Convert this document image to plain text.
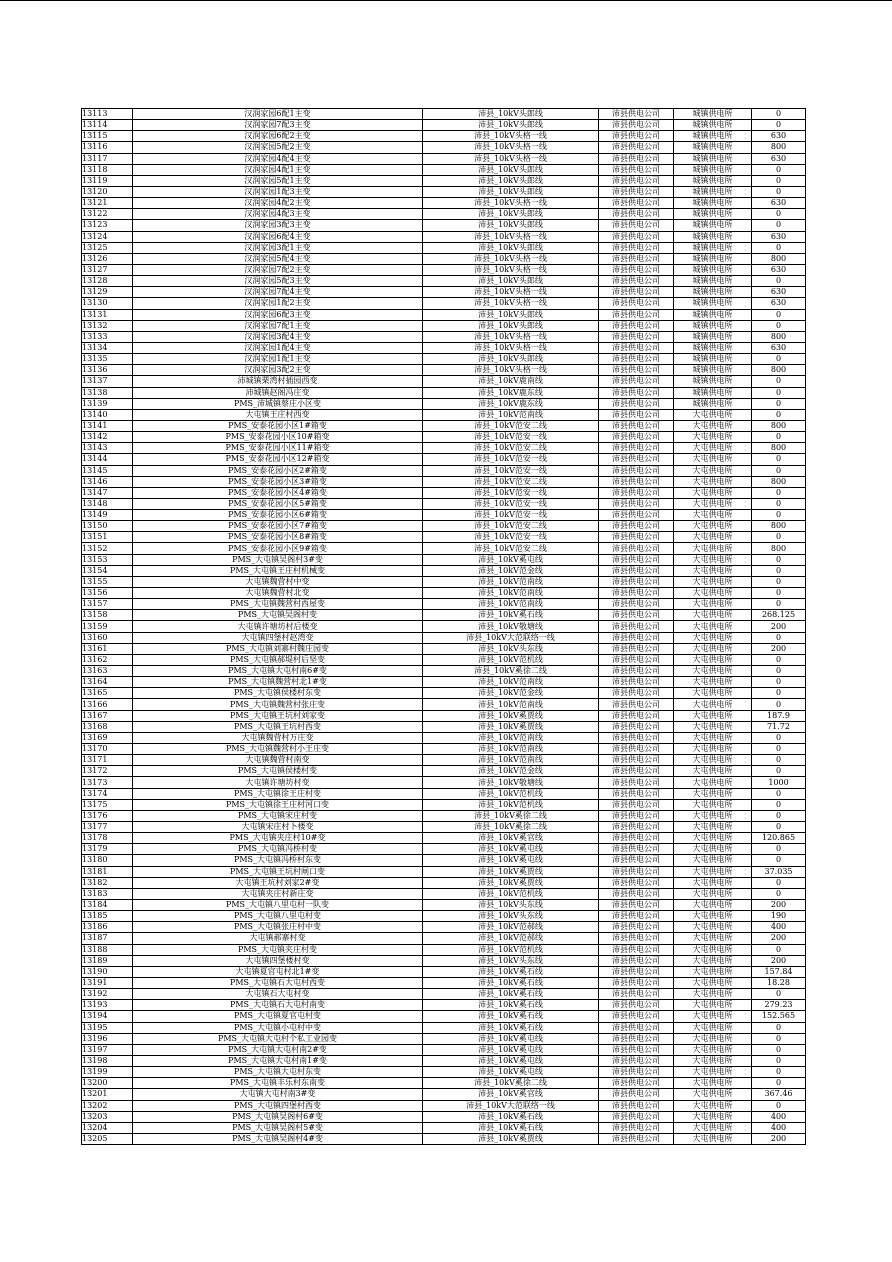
13113	汉润家园6配1主变	沛县_10kV头郎线	沛县供电公司	城镇供电所	0
13114	汉润家园7配3主变	沛县_10kV头郎线	沛县供电公司	城镇供电所	0
13115	汉润家园6配2主变	沛县_10kV头格一线	沛县供电公司	城镇供电所	630
13116	汉润家园5配2主变	沛县_10kV头格一线	沛县供电公司	城镇供电所	800
13117	汉润家园4配4主变	沛县_10kV头格一线	沛县供电公司	城镇供电所	630
13118	汉润家园4配1主变	沛县_10kV头郎线	沛县供电公司	城镇供电所	0
13119	汉润家园5配1主变	沛县_10kV头郎线	沛县供电公司	城镇供电所	0
13120	汉润家园1配3主变	沛县_10kV头郎线	沛县供电公司	城镇供电所	0
13121	汉润家园4配2主变	沛县_10kV头格一线	沛县供电公司	城镇供电所	630
13122	汉润家园4配3主变	沛县_10kV头郎线	沛县供电公司	城镇供电所	0
13123	汉润家园3配3主变	沛县_10kV头郎线	沛县供电公司	城镇供电所	0
13124	汉润家园6配4主变	沛县_10kV头格一线	沛县供电公司	城镇供电所	630
13125	汉润家园3配1主变	沛县_10kV头郎线	沛县供电公司	城镇供电所	0
13126	汉润家园5配4主变	沛县_10kV头格一线	沛县供电公司	城镇供电所	800
13127	汉润家园7配2主变	沛县_10kV头格一线	沛县供电公司	城镇供电所	630
13128	汉润家园5配3主变	沛县_10kV头郎线	沛县供电公司	城镇供电所	0
13129	汉润家园7配4主变	沛县_10kV头格一线	沛县供电公司	城镇供电所	630
13130	汉润家园1配2主变	沛县_10kV头格一线	沛县供电公司	城镇供电所	630
13131	汉润家园6配3主变	沛县_10kV头郎线	沛县供电公司	城镇供电所	0
13132	汉润家园7配1主变	沛县_10kV头郎线	沛县供电公司	城镇供电所	0
13133	汉润家园3配4主变	沛县_10kV头格一线	沛县供电公司	城镇供电所	800
13134	汉润家园1配4主变	沛县_10kV头格一线	沛县供电公司	城镇供电所	630
13135	汉润家园1配1主变	沛县_10kV头郎线	沛县供电公司	城镇供电所	0
13136	汉润家园3配2主变	沛县_10kV头格一线	沛县供电公司	城镇供电所	800
13137	沛城镇栗湾村插园西变	沛县_10kV鹿南线	沛县供电公司	城镇供电所	0
13138	沛城镇赵阁冯庄变	沛县_10kV鹿东线	沛县供电公司	城镇供电所	0
13139	PMS_沛城镇蔡庄小区变	沛县_10kV鹿东线	沛县供电公司	城镇供电所	0
13140	大屯镇王庄村西变	沛县_10kV范南线	沛县供电公司	大屯供电所	0
13141	PMS_安泰花园小区1#箱变	沛县_10kV范安二线	沛县供电公司	大屯供电所	800
13142	PMS_安泰花园小区10#箱变	沛县_10kV范安一线	沛县供电公司	大屯供电所	0
13143	PMS_安泰花园小区11#箱变	沛县_10kV范安二线	沛县供电公司	大屯供电所	800
13144	PMS_安泰花园小区12#箱变	沛县_10kV范安一线	沛县供电公司	大屯供电所	0
13145	PMS_安泰花园小区2#箱变	沛县_10kV范安一线	沛县供电公司	大屯供电所	0
13146	PMS_安泰花园小区3#箱变	沛县_10kV范安二线	沛县供电公司	大屯供电所	800
13147	PMS_安泰花园小区4#箱变	沛县_10kV范安一线	沛县供电公司	大屯供电所	0
13148	PMS_安泰花园小区5#箱变	沛县_10kV范安一线	沛县供电公司	大屯供电所	0
13149	PMS_安泰花园小区6#箱变	沛县_10kV范安一线	沛县供电公司	大屯供电所	0
13150	PMS_安泰花园小区7#箱变	沛县_10kV范安二线	沛县供电公司	大屯供电所	800
13151	PMS_安泰花园小区8#箱变	沛县_10kV范安一线	沛县供电公司	大屯供电所	0
13152	PMS_安泰花园小区9#箱变	沛县_10kV范安二线	沛县供电公司	大屯供电所	800
13153	PMS_大屯镇吴阁村3#变	沛县_10kV奚屯线	沛县供电公司	大屯供电所	0
13154	PMS_大屯镇王庄村机械变	沛县_10kV范金线	沛县供电公司	大屯供电所	0
13155	大屯镇魏营村中变	沛县_10kV范南线	沛县供电公司	大屯供电所	0
13156	大屯镇魏营村北变	沛县_10kV范南线	沛县供电公司	大屯供电所	0
13157	PMS_大屯镇魏营村西屋变	沛县_10kV范南线	沛县供电公司	大屯供电所	0
13158	PMS_大屯镇吴阁村变	沛县_10kV奚石线	沛县供电公司	大屯供电所	268.125
13159	大屯镇许塘坊村后楼变	沛县_10kV敬塘线	沛县供电公司	大屯供电所	200
13160	大屯镇四堡村赵湾变	沛县_10kV大范联络一线	沛县供电公司	大屯供电所	0
13161	PMS_大屯镇刘寨村魏庄园变	沛县_10kV头东线	沛县供电公司	大屯供电所	200
13162	PMS_大屯镇郝堤村后坚变	沛县_10kV范机线	沛县供电公司	大屯供电所	0
13163	PMS_大屯镇大屯村南6#变	沛县_10kV奚徐二线	沛县供电公司	大屯供电所	0
13164	PMS_大屯镇魏营村北1#变	沛县_10kV范南线	沛县供电公司	大屯供电所	0
13165	PMS_大屯镇侯楼村东变	沛县_10kV范金线	沛县供电公司	大屯供电所	0
13166	PMS_大屯镇魏营村张庄变	沛县_10kV范南线	沛县供电公司	大屯供电所	0
13167	PMS_大屯镇王坑村刘家变	沛县_10kV奚贾线	沛县供电公司	大屯供电所	187.9
13168	PMS_大屯镇王坑村西变	沛县_10kV奚贾线	沛县供电公司	大屯供电所	71.72
13169	大屯镇魏营村万庄变	沛县_10kV范南线	沛县供电公司	大屯供电所	0
13170	PMS_大屯镇魏营村小王庄变	沛县_10kV范南线	沛县供电公司	大屯供电所	0
13171	大屯镇魏营村南变	沛县_10kV范南线	沛县供电公司	大屯供电所	0
13172	PMS_大屯镇侯楼村变	沛县_10kV范金线	沛县供电公司	大屯供电所	0
13173	大屯镇许塘坊村变	沛县_10kV敬塘线	沛县供电公司	大屯供电所	1000
13174	PMS_大屯镇徐王庄村变	沛县_10kV范机线	沛县供电公司	大屯供电所	0
13175	PMS_大屯镇徐王庄村河口变	沛县_10kV范机线	沛县供电公司	大屯供电所	0
13176	PMS_大屯镇宋庄村变	沛县_10kV奚徐二线	沛县供电公司	大屯供电所	0
13177	大屯镇宋庄村卜楼变	沛县_10kV奚徐二线	沛县供电公司	大屯供电所	0
13178	PMS_大屯镇夹庄村10#变	沛县_10kV奚官线	沛县供电公司	大屯供电所	120.865
13179	PMS_大屯镇冯桥村变	沛县_10kV奚屯线	沛县供电公司	大屯供电所	0
13180	PMS_大屯镇冯桥村东变	沛县_10kV奚屯线	沛县供电公司	大屯供电所	0
13181	PMS_大屯镇王坑村闸口变	沛县_10kV奚贾线	沛县供电公司	大屯供电所	37.035
13182	大屯镇王坑村刘家2#变	沛县_10kV奚贾线	沛县供电公司	大屯供电所	0
13183	大屯镇夹庄村新庄变	沛县_10kV范机线	沛县供电公司	大屯供电所	0
13184	PMS_大屯镇八里屯村一队变	沛县_10kV头东线	沛县供电公司	大屯供电所	200
13185	PMS_大屯镇八里屯村变	沛县_10kV头东线	沛县供电公司	大屯供电所	190
13186	PMS_大屯镇张庄村中变	沛县_10kV范郝线	沛县供电公司	大屯供电所	400
13187	大屯镇郝寨村变	沛县_10kV范郝线	沛县供电公司	大屯供电所	200
13188	PMS_大屯镇夹庄村变	沛县_10kV范机线	沛县供电公司	大屯供电所	0
13189	大屯镇四堡楼村变	沛县_10kV头东线	沛县供电公司	大屯供电所	200
13190	大屯镇夏官屯村北1#变	沛县_10kV奚石线	沛县供电公司	大屯供电所	157.84
13191	PMS_大屯镇石大屯村西变	沛县_10kV奚石线	沛县供电公司	大屯供电所	18.28
13192	大屯镇石大屯村变	沛县_10kV奚石线	沛县供电公司	大屯供电所	0
13193	PMS_大屯镇石大屯村南变	沛县_10kV奚石线	沛县供电公司	大屯供电所	279.23
13194	PMS_大屯镇夏官屯村变	沛县_10kV奚石线	沛县供电公司	大屯供电所	152.565
13195	PMS_大屯镇小屯村中变	沛县_10kV奚石线	沛县供电公司	大屯供电所	0
13196	PMS_大屯镇大屯村个私工业园变	沛县_10kV奚屯线	沛县供电公司	大屯供电所	0
13197	PMS_大屯镇大屯村南2#变	沛县_10kV奚屯线	沛县供电公司	大屯供电所	0
13198	PMS_大屯镇大屯村南1#变	沛县_10kV奚屯线	沛县供电公司	大屯供电所	0
13199	PMS_大屯镇大屯村东变	沛县_10kV奚屯线	沛县供电公司	大屯供电所	0
13200	PMS_大屯镇丰乐村东南变	沛县_10kV奚徐二线	沛县供电公司	大屯供电所	0
13201	大屯镇大屯村南3#变	沛县_10kV奚官线	沛县供电公司	大屯供电所	367.46
13202	PMS_大屯镇四堡村西变	沛县_10kV大范联络一线	沛县供电公司	大屯供电所	0
13203	PMS_大屯镇吴阁村6#变	沛县_10kV奚石线	沛县供电公司	大屯供电所	400
13204	PMS_大屯镇吴阁村5#变	沛县_10kV奚石线	沛县供电公司	大屯供电所	400
13205	PMS_大屯镇吴阁村4#变	沛县_10kV奚贾线	沛县供电公司	大屯供电所	200
